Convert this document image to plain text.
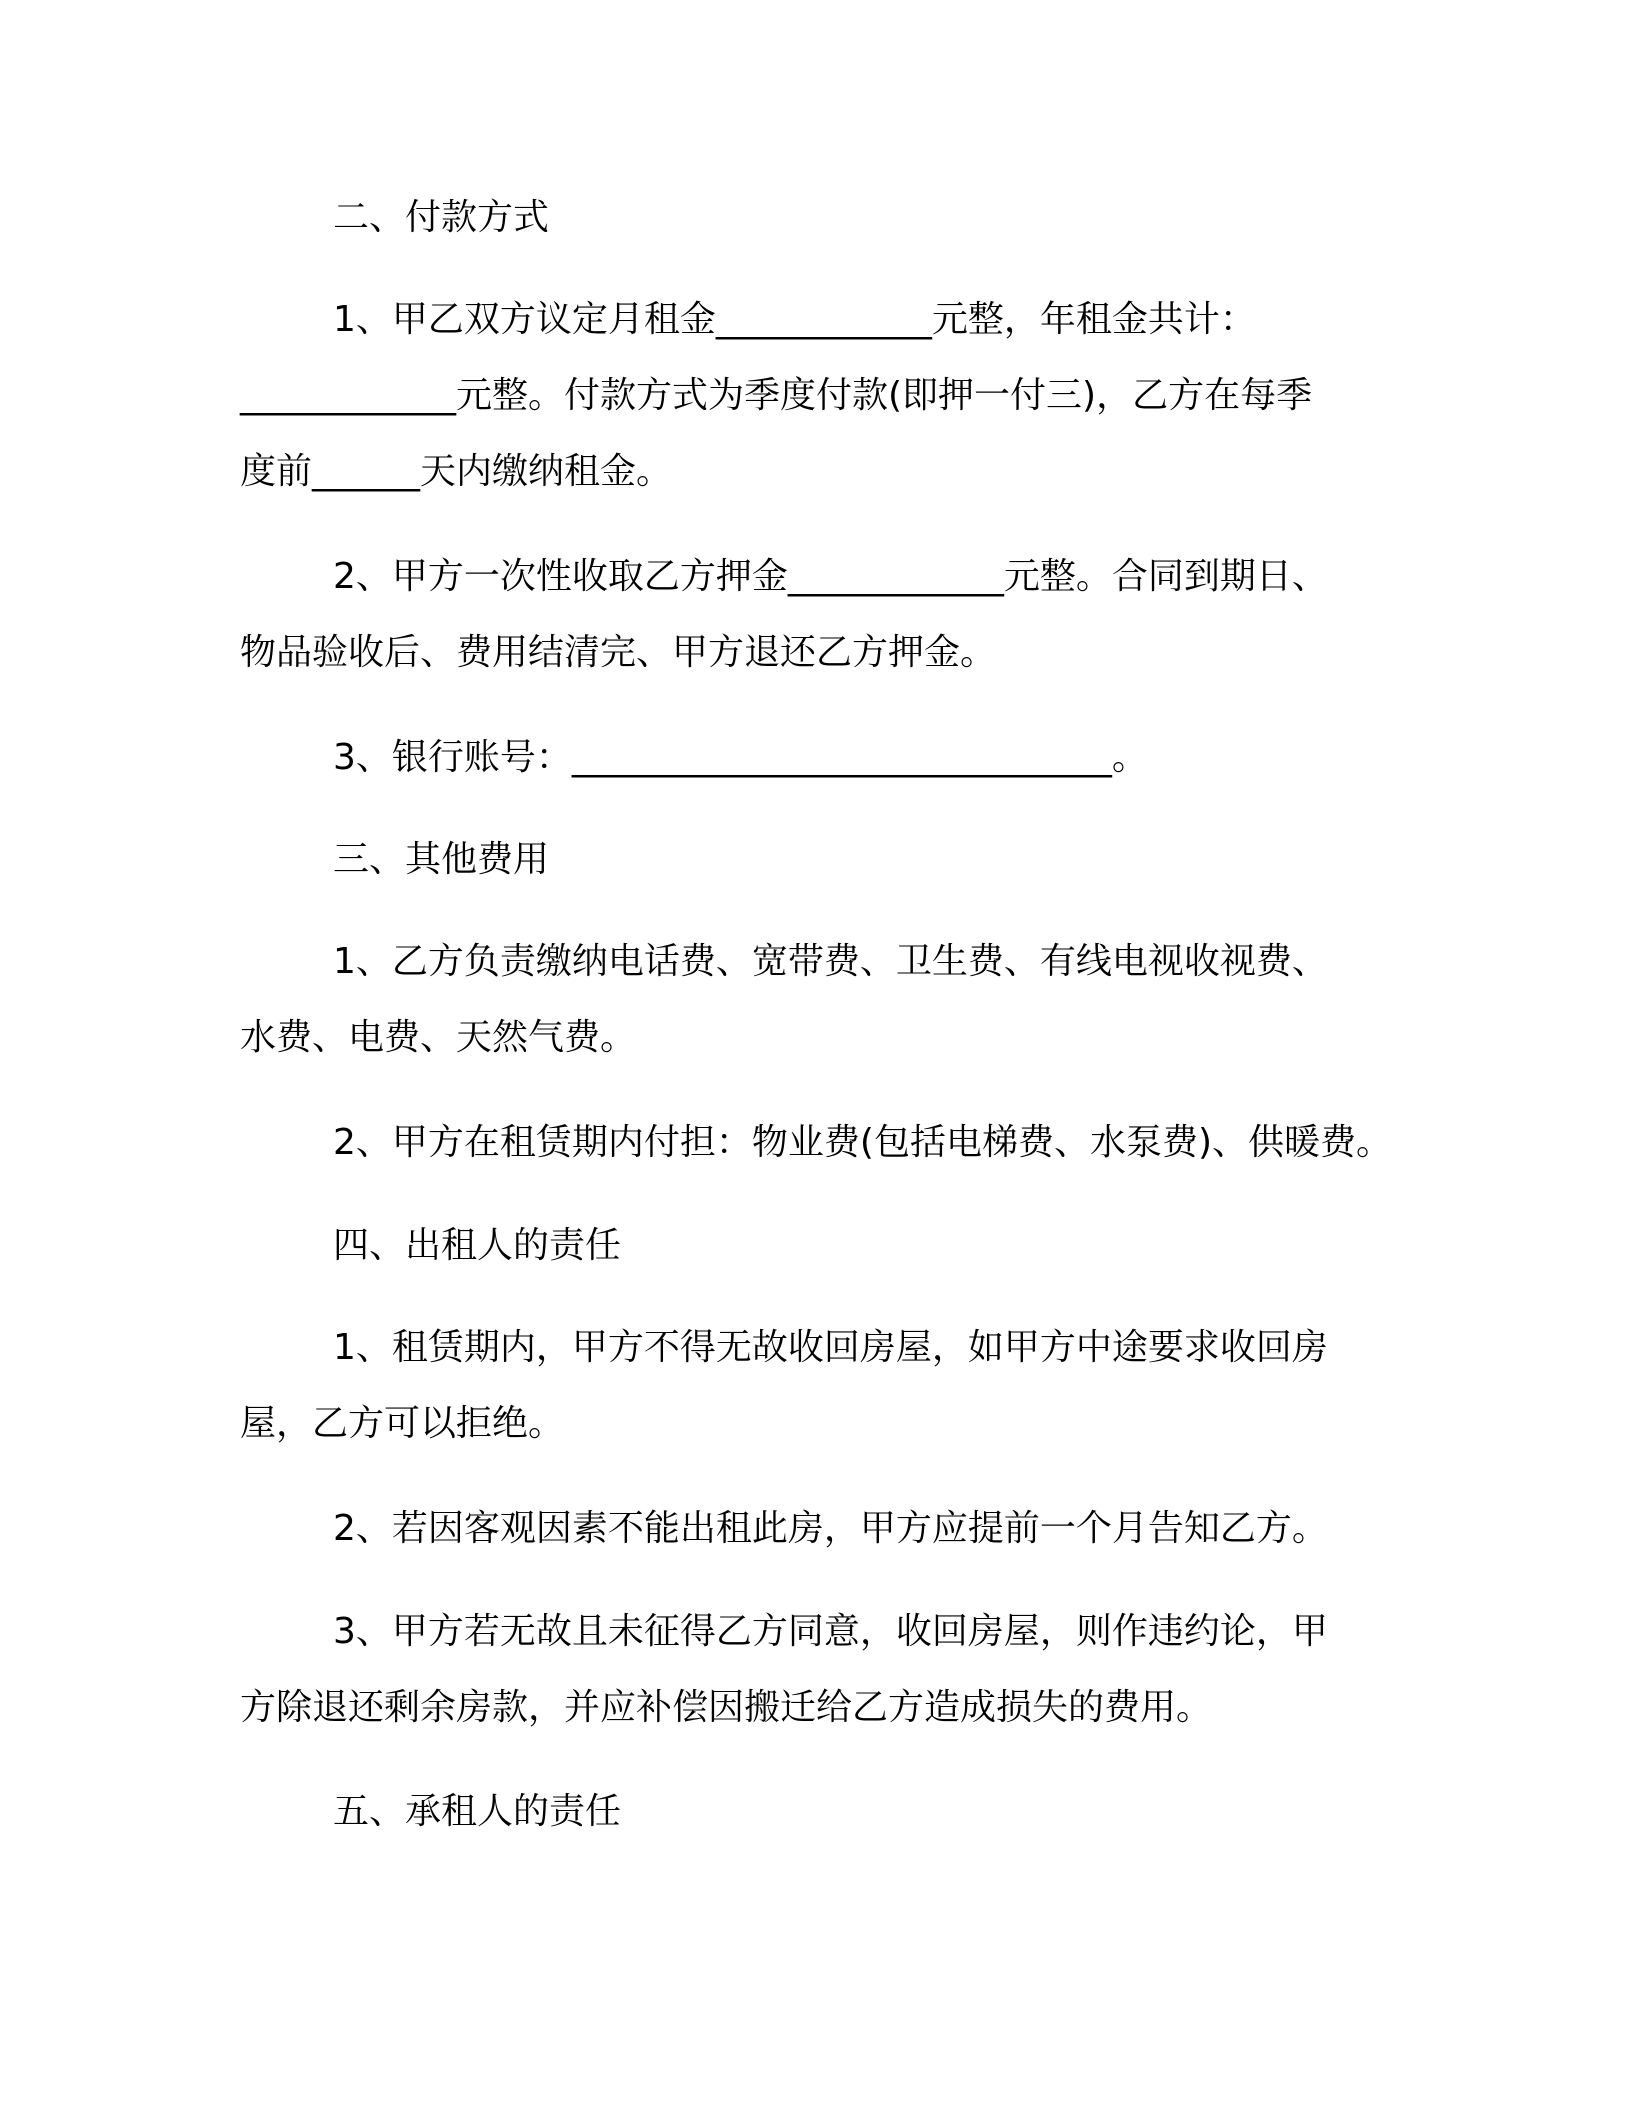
二、付款方式
1、甲乙双方议定月租金____________元整，年租金共计：
____________元整。付款方式为季度付款(即押一付三)，乙方在每季
度前______天内缴纳租金。
2、甲方一次性收取乙方押金____________元整。合同到期日、
物品验收后、费用结清完、甲方退还乙方押金。
3、银行账号：______________________________。
三、其他费用
1、乙方负责缴纳电话费、宽带费、卫生费、有线电视收视费、
水费、电费、天然气费。
2、甲方在租赁期内付担：物业费(包括电梯费、水泵费)、供暖费。
四、出租人的责任
1、租赁期内，甲方不得无故收回房屋，如甲方中途要求收回房
屋，乙方可以拒绝。
2、若因客观因素不能出租此房，甲方应提前一个月告知乙方。
3、甲方若无故且未征得乙方同意，收回房屋，则作违约论，甲
方除退还剩余房款，并应补偿因搬迁给乙方造成损失的费用。
五、承租人的责任
